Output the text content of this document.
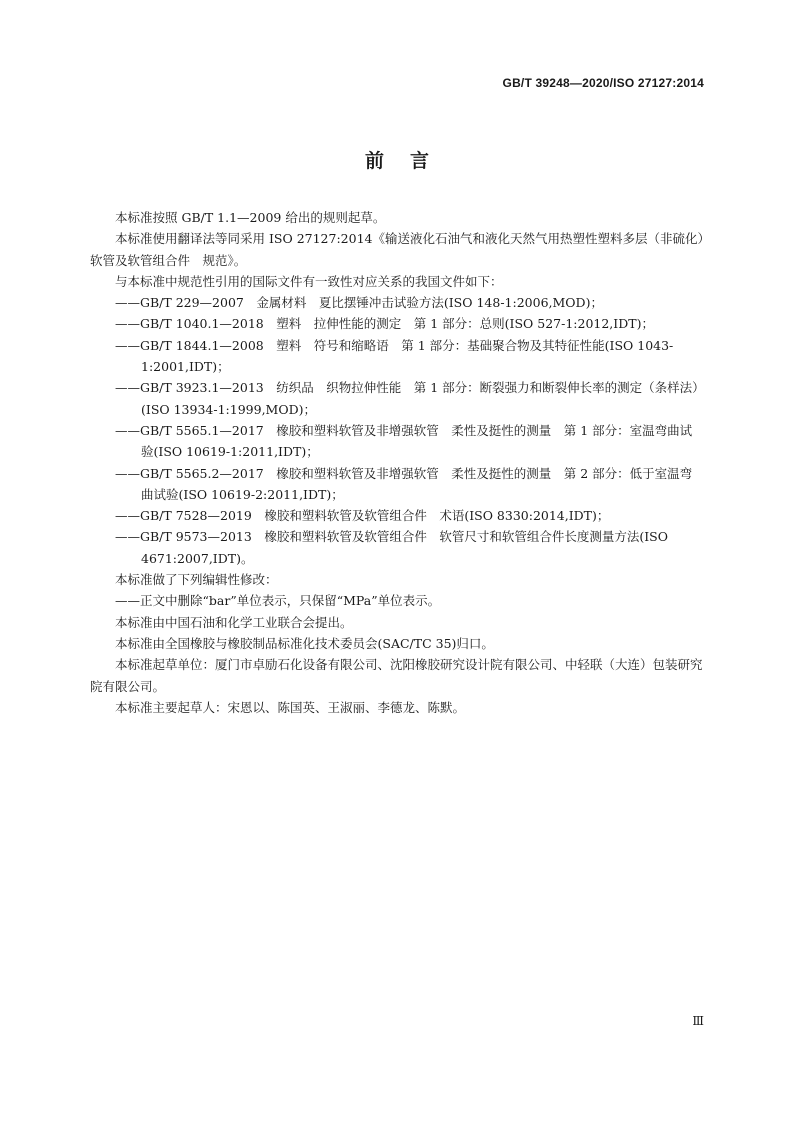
GB/T 39248—2020/ISO 27127:2014
前言

本标准按照 GB/T 1.1—2009 给出的规则起草。

本标准使用翻译法等同采用 ISO 27127:2014《输送液化石油气和液化天然气用热塑性塑料多层（非硫化）软管及软管组合件　规范》。

与本标准中规范性引用的国际文件有一致性对应关系的我国文件如下：

——GB/T 229—2007　金属材料　夏比摆锤冲击试验方法(ISO 148-1:2006,MOD)；

——GB/T 1040.1—2018　塑料　拉伸性能的测定　第 1 部分：总则(ISO 527-1:2012,IDT)；

——GB/T 1844.1—2008　塑料　符号和缩略语　第 1 部分：基础聚合物及其特征性能(ISO 1043-1:2001,IDT)；

——GB/T 3923.1—2013　纺织品　织物拉伸性能　第 1 部分：断裂强力和断裂伸长率的测定（条样法）(ISO 13934-1:1999,MOD)；

——GB/T 5565.1—2017　橡胶和塑料软管及非增强软管　柔性及挺性的测量　第 1 部分：室温弯曲试验(ISO 10619-1:2011,IDT)；

——GB/T 5565.2—2017　橡胶和塑料软管及非增强软管　柔性及挺性的测量　第 2 部分：低于室温弯曲试验(ISO 10619-2:2011,IDT)；

——GB/T 7528—2019　橡胶和塑料软管及软管组合件　术语(ISO 8330:2014,IDT)；

——GB/T 9573—2013　橡胶和塑料软管及软管组合件　软管尺寸和软管组合件长度测量方法(ISO 4671:2007,IDT)。

本标准做了下列编辑性修改：

——正文中删除“bar”单位表示，只保留“MPa”单位表示。

本标准由中国石油和化学工业联合会提出。

本标准由全国橡胶与橡胶制品标准化技术委员会(SAC/TC 35)归口。

本标准起草单位：厦门市卓励石化设备有限公司、沈阳橡胶研究设计院有限公司、中轻联（大连）包装研究院有限公司。

本标准主要起草人：宋恩以、陈国英、王淑丽、李德龙、陈默。

Ⅲ
